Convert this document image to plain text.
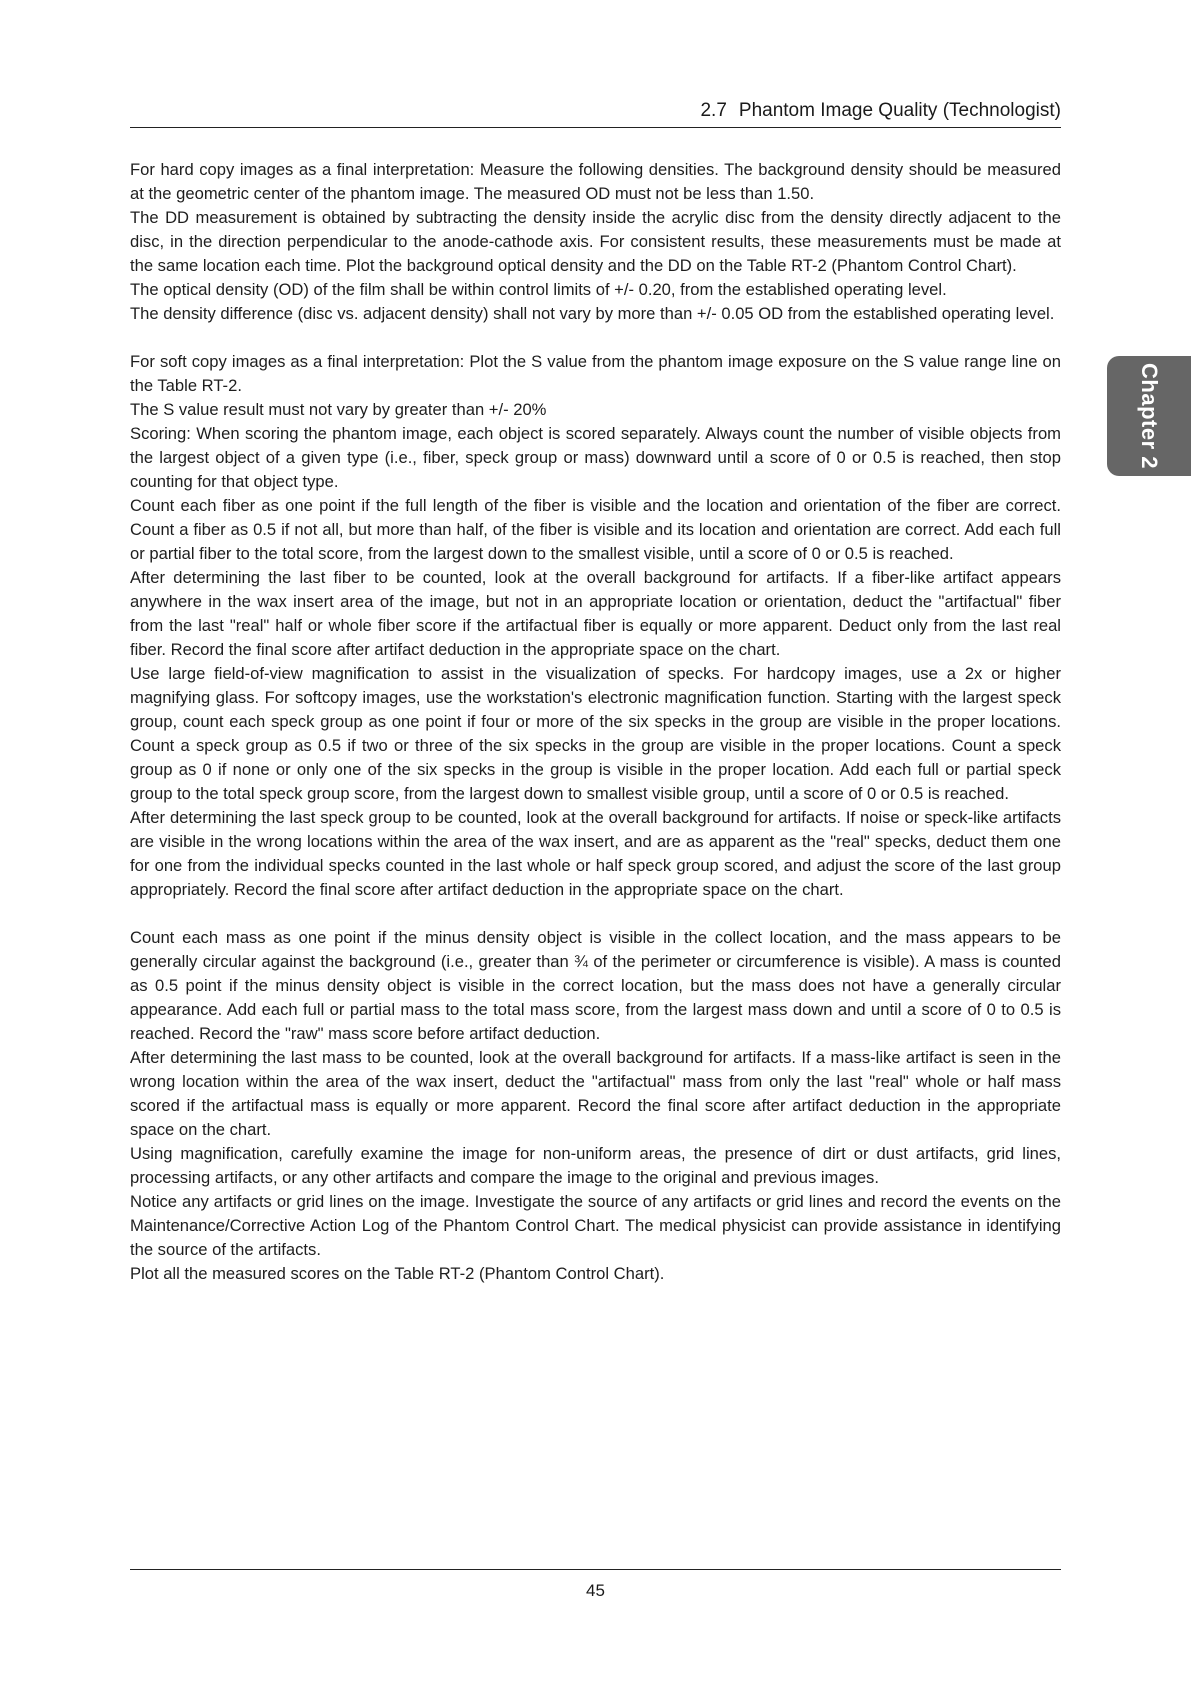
2.7 Phantom Image Quality (Technologist)
Chapter 2

For hard copy images as a final interpretation: Measure the following densities. The background density should be measured at the geometric center of the phantom image. The measured OD must not be less than 1.50.

The DD measurement is obtained by subtracting the density inside the acrylic disc from the density directly adjacent to the disc, in the direction perpendicular to the anode-cathode axis. For consistent results, these measurements must be made at the same location each time. Plot the background optical density and the DD on the Table RT-2 (Phantom Control Chart).

The optical density (OD) of the film shall be within control limits of +/- 0.20, from the established operating level.

The density difference (disc vs. adjacent density) shall not vary by more than +/- 0.05 OD from the established operating level.

For soft copy images as a final interpretation: Plot the S value from the phantom image exposure on the S value range line on the Table RT-2.

The S value result must not vary by greater than +/- 20%

Scoring: When scoring the phantom image, each object is scored separately. Always count the number of visible objects from the largest object of a given type (i.e., fiber, speck group or mass) downward until a score of 0 or 0.5 is reached, then stop counting for that object type.

Count each fiber as one point if the full length of the fiber is visible and the location and orientation of the fiber are correct. Count a fiber as 0.5 if not all, but more than half, of the fiber is visible and its location and orientation are correct. Add each full or partial fiber to the total score, from the largest down to the smallest visible, until a score of 0 or 0.5 is reached.

After determining the last fiber to be counted, look at the overall background for artifacts. If a fiber-like artifact appears anywhere in the wax insert area of the image, but not in an appropriate location or orientation, deduct the "artifactual" fiber from the last "real" half or whole fiber score if the artifactual fiber is equally or more apparent. Deduct only from the last real fiber. Record the final score after artifact deduction in the appropriate space on the chart.

Use large field-of-view magnification to assist in the visualization of specks. For hardcopy images, use a 2x or higher magnifying glass. For softcopy images, use the workstation's electronic magnification function. Starting with the largest speck group, count each speck group as one point if four or more of the six specks in the group are visible in the proper locations. Count a speck group as 0.5 if two or three of the six specks in the group are visible in the proper locations. Count a speck group as 0 if none or only one of the six specks in the group is visible in the proper location. Add each full or partial speck group to the total speck group score, from the largest down to smallest visible group, until a score of 0 or 0.5 is reached.

After determining the last speck group to be counted, look at the overall background for artifacts. If noise or speck-like artifacts are visible in the wrong locations within the area of the wax insert, and are as apparent as the "real" specks, deduct them one for one from the individual specks counted in the last whole or half speck group scored, and adjust the score of the last group appropriately. Record the final score after artifact deduction in the appropriate space on the chart.

Count each mass as one point if the minus density object is visible in the collect location, and the mass appears to be generally circular against the background (i.e., greater than ¾ of the perimeter or circumference is visible). A mass is counted as 0.5 point if the minus density object is visible in the correct location, but the mass does not have a generally circular appearance. Add each full or partial mass to the total mass score, from the largest mass down and until a score of 0 to 0.5 is reached. Record the "raw" mass score before artifact deduction.

After determining the last mass to be counted, look at the overall background for artifacts. If a mass-like artifact is seen in the wrong location within the area of the wax insert, deduct the "artifactual" mass from only the last "real" whole or half mass scored if the artifactual mass is equally or more apparent. Record the final score after artifact deduction in the appropriate space on the chart.

Using magnification, carefully examine the image for non-uniform areas, the presence of dirt or dust artifacts, grid lines, processing artifacts, or any other artifacts and compare the image to the original and previous images.

Notice any artifacts or grid lines on the image. Investigate the source of any artifacts or grid lines and record the events on the Maintenance/Corrective Action Log of the Phantom Control Chart. The medical physicist can provide assistance in identifying the source of the artifacts.

Plot all the measured scores on the Table RT-2 (Phantom Control Chart).

45
